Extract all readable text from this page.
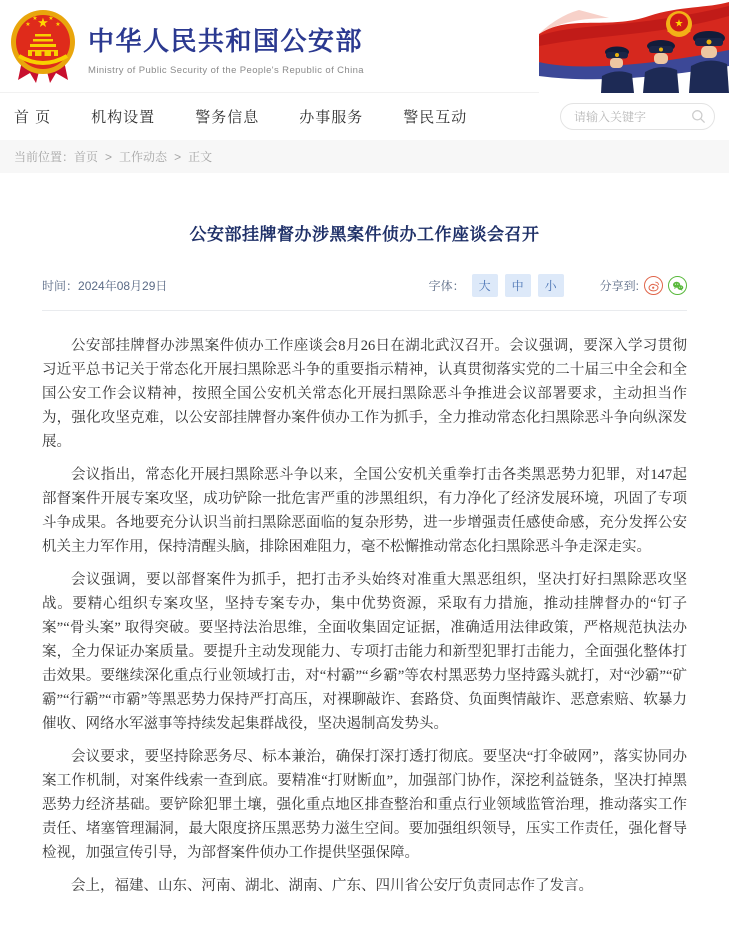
★
★
★ ★
★
中华人民共和国公安部
Ministry of Public Security of the People's Republic of China
★
首 页	机构设置	警务信息	办事服务	警民互动
请输入关键字
当前位置： 首页 > 工作动态 > 正文
公安部挂牌督办涉黑案件侦办工作座谈会召开
时间： 2024年08月29日	字体：	大	中	小	分享到:

公安部挂牌督办涉黑案件侦办工作座谈会8月26日在湖北武汉召开。会议强调，要深入学习贯彻习近平总书记关于常态化开展扫黑除恶斗争的重要指示精神，认真贯彻落实党的二十届三中全会和全国公安工作会议精神，按照全国公安机关常态化开展扫黑除恶斗争推进会议部署要求，主动担当作为，强化攻坚克难，以公安部挂牌督办案件侦办工作为抓手，全力推动常态化扫黑除恶斗争向纵深发展。

会议指出，常态化开展扫黑除恶斗争以来，全国公安机关重拳打击各类黑恶势力犯罪，对147起部督案件开展专案攻坚，成功铲除一批危害严重的涉黑组织，有力净化了经济发展环境，巩固了专项斗争成果。各地要充分认识当前扫黑除恶面临的复杂形势，进一步增强责任感使命感，充分发挥公安机关主力军作用，保持清醒头脑，排除困难阻力，毫不松懈推动常态化扫黑除恶斗争走深走实。

会议强调，要以部督案件为抓手，把打击矛头始终对准重大黑恶组织，坚决打好扫黑除恶攻坚战。要精心组织专案攻坚，坚持专案专办，集中优势资源，采取有力措施，推动挂牌督办的“钉子案”“骨头案” 取得突破。要坚持法治思维，全面收集固定证据，准确适用法律政策，严格规范执法办案，全力保证办案质量。要提升主动发现能力、专项打击能力和新型犯罪打击能力，全面强化整体打击效果。要继续深化重点行业领域打击，对“村霸”“乡霸”等农村黑恶势力坚持露头就打，对“沙霸”“矿霸”“行霸”“市霸”等黑恶势力保持严打高压，对裸聊敲诈、套路贷、负面舆情敲诈、恶意索赔、软暴力催收、网络水军滋事等持续发起集群战役，坚决遏制高发势头。

会议要求，要坚持除恶务尽、标本兼治，确保打深打透打彻底。要坚决“打伞破网”，落实协同办案工作机制，对案件线索一查到底。要精准“打财断血”，加强部门协作，深挖利益链条，坚决打掉黑恶势力经济基础。要铲除犯罪土壤，强化重点地区排查整治和重点行业领域监管治理，推动落实工作责任、堵塞管理漏洞，最大限度挤压黑恶势力滋生空间。要加强组织领导，压实工作责任，强化督导检视，加强宣传引导，为部督案件侦办工作提供坚强保障。

会上，福建、山东、河南、湖北、湖南、广东、四川省公安厅负责同志作了发言。
